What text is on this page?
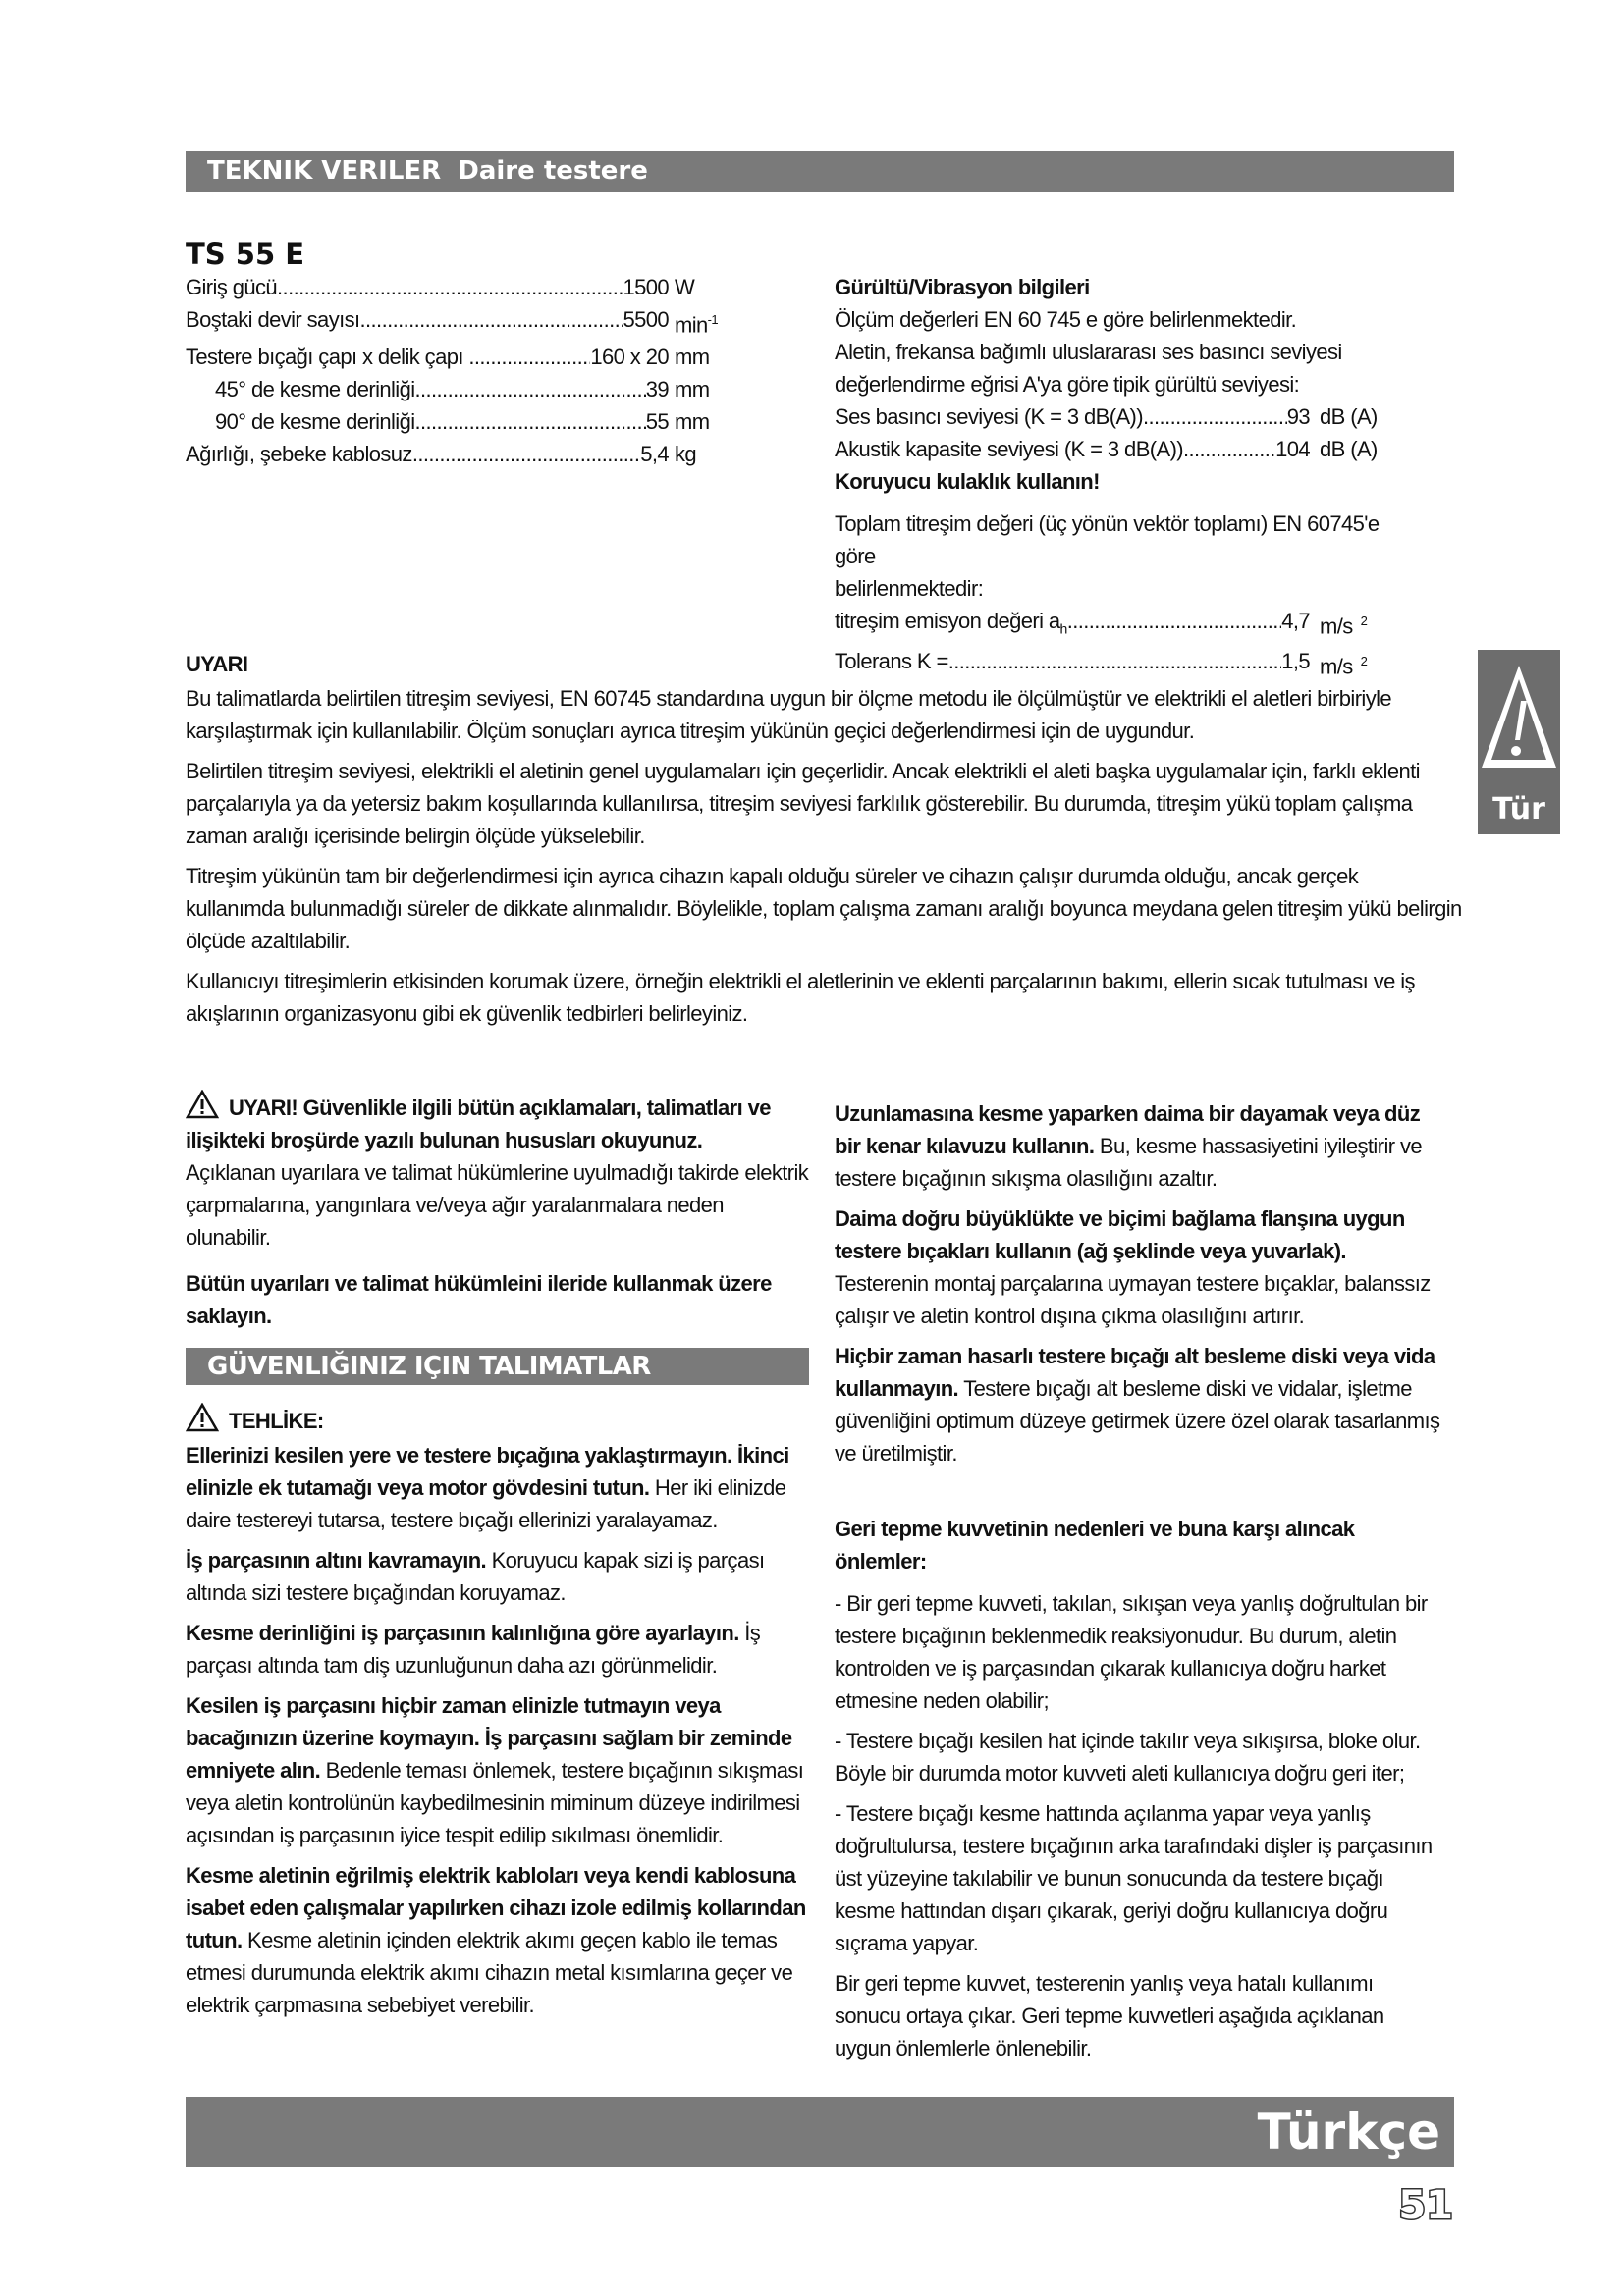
TEKNIK VERILER Daire testere
TS 55 E
Giriş gücü .....	1500 W
Boştaki devir sayısı .....	5500 $\min^{-1}$
Testere bıçağı çapı x delik çapı . .....	160 x 20 mm
45° de kesme derinliği .....	39 mm
90° de kesme derinliği .....	55 mm
Ağırlığı, şebeke kablosuz .....	5,4 kg

Gürültü/Vibrasyon bilgileri

Ölçüm değerleri EN 60 745 e göre belirlenmektedir.

Aletin, frekansa bağımlı uluslararası ses basıncı seviyesi

değerlendirme eğrisi A'ya göre tipik gürültü seviyesi:

Ses basıncı seviyesi (K = 3 dB(A)) .....	93 dB (A)
Akustik kapasite seviyesi (K = 3 dB(A)) .....	104 dB (A)

Koruyucu kulaklık kullanın!

Toplam titreşim değeri (üç yönün vektör toplamı) EN 60745'e göre

belirlenmektedir:

titreşim emisyon değeri $a_h$ .....	4,7 m/s $^2$
Tolerans K = .....	1,5 m/s $^2$
Tür

UYARI

Bu talimatlarda belirtilen titreşim seviyesi, EN 60745 standardına uygun bir ölçme metodu ile ölçülmüştür ve elektrikli el aletleri birbiriyle karşılaştırmak için kullanılabilir. Ölçüm sonuçları ayrıca titreşim yükünün geçici değerlendirmesi için de uygundur.

Belirtilen titreşim seviyesi, elektrikli el aletinin genel uygulamaları için geçerlidir. Ancak elektrikli el aleti başka uygulamalar için, farklı eklenti parçalarıyla ya da yetersiz bakım koşullarında kullanılırsa, titreşim seviyesi farklılık gösterebilir. Bu durumda, titreşim yükü toplam çalışma zaman aralığı içerisinde belirgin ölçüde yükselebilir.

Titreşim yükünün tam bir değerlendirmesi için ayrıca cihazın kapalı olduğu süreler ve cihazın çalışır durumda olduğu, ancak gerçek kullanımda bulunmadığı süreler de dikkate alınmalıdır. Böylelikle, toplam çalışma zamanı aralığı boyunca meydana gelen titreşim yükü belirgin ölçüde azaltılabilir.

Kullanıcıyı titreşimlerin etkisinden korumak üzere, örneğin elektrikli el aletlerinin ve eklenti parçalarının bakımı, ellerin sıcak tutulması ve iş akışlarının organizasyonu gibi ek güvenlik tedbirleri belirleyiniz.

UYARI! Güvenlikle ilgili bütün açıklamaları, talimatları ve ilişikteki broşürde yazılı bulunan hususları okuyunuz.
Açıklanan uyarılara ve talimat hükümlerine uyulmadığı takirde elektrik çarpmalarına, yangınlara ve/veya ağır yaralanmalara neden olunabilir.

Bütün uyarıları ve talimat hükümleini ileride kullanmak üzere saklayın.

GÜVENLIĞINIZ IÇIN TALIMATLAR

TEHLİKE:

Ellerinizi kesilen yere ve testere bıçağına yaklaştırmayın. İkinci elinizle ek tutamağı veya motor gövdesini tutun. Her iki elinizde daire testereyi tutarsa, testere bıçağı ellerinizi yaralayamaz.

İş parçasının altını kavramayın. Koruyucu kapak sizi iş parçası altında sizi testere bıçağından koruyamaz.

Kesme derinliğini iş parçasının kalınlığına göre ayarlayın. İş parçası altında tam diş uzunluğunun daha azı görünmelidir.

Kesilen iş parçasını hiçbir zaman elinizle tutmayın veya bacağınızın üzerine koymayın. İş parçasını sağlam bir zeminde emniyete alın. Bedenle teması önlemek, testere bıçağının sıkışması veya aletin kontrolünün kaybedilmesinin miminum düzeye indirilmesi açısından iş parçasının iyice tespit edilip sıkılması önemlidir.

Kesme aletinin eğrilmiş elektrik kabloları veya kendi kablosuna isabet eden çalışmalar yapılırken cihazı izole edilmiş kollarından tutun. Kesme aletinin içinden elektrik akımı geçen kablo ile temas etmesi durumunda elektrik akımı cihazın metal kısımlarına geçer ve elektrik çarpmasına sebebiyet verebilir.

Uzunlamasına kesme yaparken daima bir dayamak veya düz bir kenar kılavuzu kullanın. Bu, kesme hassasiyetini iyileştirir ve testere bıçağının sıkışma olasılığını azaltır.

Daima doğru büyüklükte ve biçimi bağlama flanşına uygun testere bıçakları kullanın (ağ şeklinde veya yuvarlak). Testerenin montaj parçalarına uymayan testere bıçaklar, balanssız çalışır ve aletin kontrol dışına çıkma olasılığını artırır.

Hiçbir zaman hasarlı testere bıçağı alt besleme diski veya vida kullanmayın. Testere bıçağı alt besleme diski ve vidalar, işletme güvenliğini optimum düzeye getirmek üzere özel olarak tasarlanmış ve üretilmiştir.

Geri tepme kuvvetinin nedenleri ve buna karşı alıncak önlemler:

- Bir geri tepme kuvveti, takılan, sıkışan veya yanlış doğrultulan bir testere bıçağının beklenmedik reaksiyonudur. Bu durum, aletin kontrolden ve iş parçasından çıkarak kullanıcıya doğru harket etmesine neden olabilir;

- Testere bıçağı kesilen hat içinde takılır veya sıkışırsa, bloke olur. Böyle bir durumda motor kuvveti aleti kullanıcıya doğru geri iter;

- Testere bıçağı kesme hattında açılanma yapar veya yanlış doğrultulursa, testere bıçağının arka tarafındaki dişler iş parçasının üst yüzeyine takılabilir ve bunun sonucunda da testere bıçağı kesme hattından dışarı çıkarak, geriyi doğru kullanıcıya doğru sıçrama yapyar.

Bir geri tepme kuvvet, testerenin yanlış veya hatalı kullanımı sonucu ortaya çıkar. Geri tepme kuvvetleri aşağıda açıklanan uygun önlemlerle önlenebilir.

Türkçe
51
